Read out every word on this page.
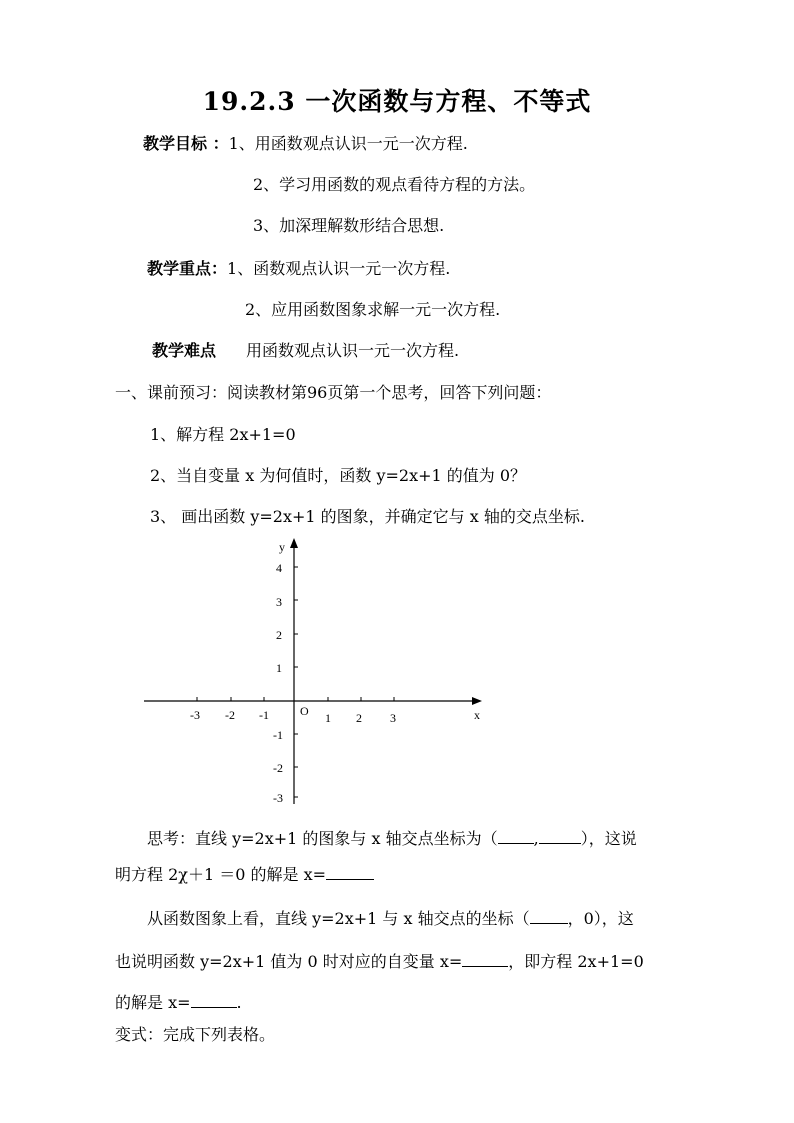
19.2.3 一次函数与方程、不等式
教学目标 ：1、用函数观点认识一元一次方程.
2、学习用函数的观点看待方程的方法。
3、加深理解数形结合思想.
教学重点：1、函数观点认识一元一次方程.
2、应用函数图象求解一元一次方程.
教学难点 用函数观点认识一元一次方程.
一、课前预习：阅读教材第96页第一个思考，回答下列问题：
1、解方程 2x+1=0
2、当自变量 x 为何值时，函数 y=2x+1 的值为 0？
3、 画出函数 y=2x+1 的图象，并确定它与 x 轴的交点坐标.
y
x
O
-3 -2 -1	1 2 3
4
3
2
1
-1
-2
-3
思考：直线 y=2x+1 的图象与 x 轴交点坐标为（ ,	），这说
明方程 2χ＋1 ＝0 的解是 x=
从函数图象上看，直线 y=2x+1 与 x 轴交点的坐标（ ，0），这
也说明函数 y=2x+1 值为 0 时对应的自变量 x=	，即方程 2x+1=0
的解是 x=	.
变式：完成下列表格。
